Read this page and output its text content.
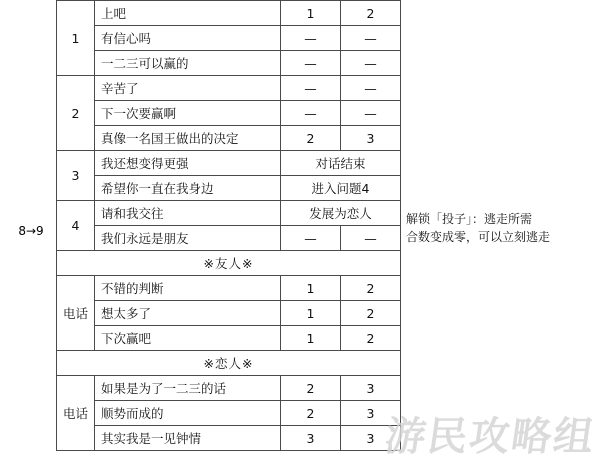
8→9
1	上吧	1	2
	有信心吗	—	—
	一二三可以赢的	—	—
2	辛苦了	—	—
	下一次要赢啊	—	—
	真像一名国王做出的决定	2	3
3	我还想变得更强	对话结束	
	希望你一直在我身边	进入问题4	
4	请和我交往	发展为恋人	
	我们永远是朋友	—	—
※友人※			
电话	不错的判断	1	2
	想太多了	1	2
	下次赢吧	1	2
※恋人※			
电话	如果是为了一二三的话	2	3
	顺势而成的	2	3
	其实我是一见钟情	3	3
解锁「投子」：逃走所需
合数变成零，可以立刻逃走
游民攻略组
